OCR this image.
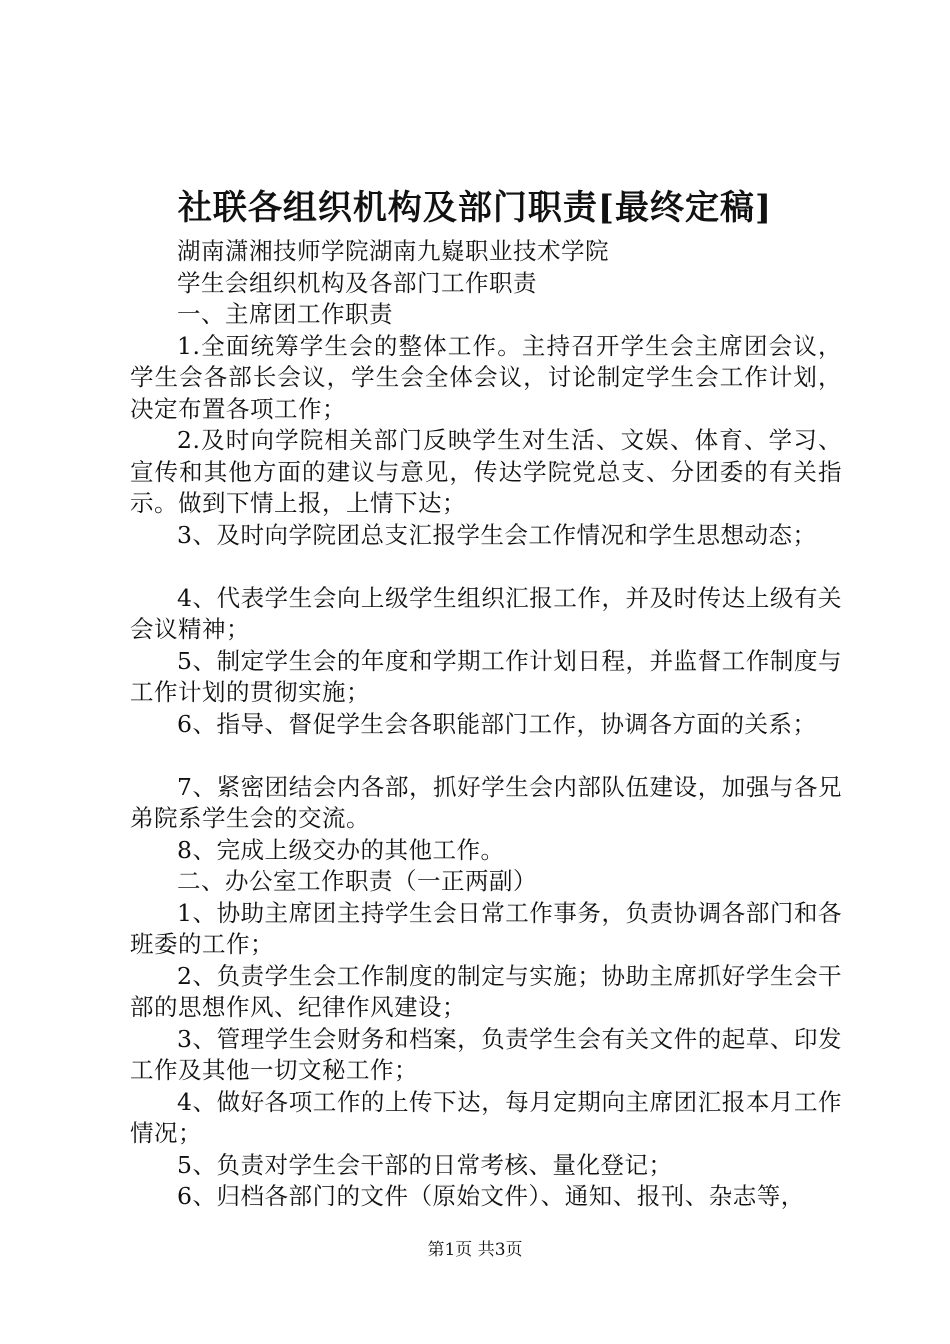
社联各组织机构及部门职责[最终定稿]

湖南潇湘技师学院湖南九嶷职业技术学院

学生会组织机构及各部门工作职责

一、主席团工作职责

1.全面统筹学生会的整体工作。主持召开学生会主席团会议，学生会各部长会议，学生会全体会议，讨论制定学生会工作计划，决定布置各项工作；

2.及时向学院相关部门反映学生对生活、文娱、体育、学习、宣传和其他方面的建议与意见，传达学院党总支、分团委的有关指示。做到下情上报，上情下达；

3、及时向学院团总支汇报学生会工作情况和学生思想动态；

4、代表学生会向上级学生组织汇报工作，并及时传达上级有关会议精神；

5、制定学生会的年度和学期工作计划日程，并监督工作制度与工作计划的贯彻实施；

6、指导、督促学生会各职能部门工作，协调各方面的关系；

7、紧密团结会内各部，抓好学生会内部队伍建设，加强与各兄弟院系学生会的交流。

8、完成上级交办的其他工作。

二、办公室工作职责（一正两副）

1、协助主席团主持学生会日常工作事务，负责协调各部门和各班委的工作；

2、负责学生会工作制度的制定与实施；协助主席抓好学生会干部的思想作风、纪律作风建设；

3、管理学生会财务和档案，负责学生会有关文件的起草、印发工作及其他一切文秘工作；

4、做好各项工作的上传下达，每月定期向主席团汇报本月工作情况；

5、负责对学生会干部的日常考核、量化登记；

6、归档各部门的文件（原始文件）、通知、报刊、杂志等，

第1页 共3页
